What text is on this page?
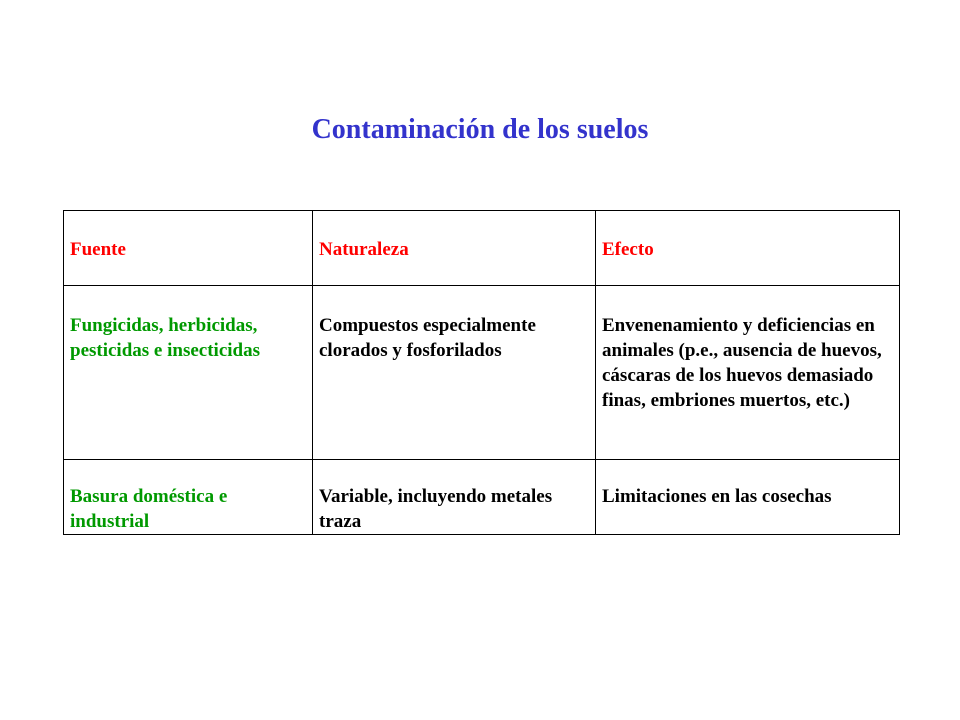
Contaminación de los suelos
Fuente	Naturaleza	Efecto
Fungicidas, herbicidas, pesticidas e insecticidas	Compuestos especialmente clorados y fosforilados	Envenenamiento y deficiencias en animales (p.e., ausencia de huevos, cáscaras de los huevos demasiado finas, embriones muertos, etc.)
Basura doméstica e industrial	Variable, incluyendo metales traza	Limitaciones en las cosechas
